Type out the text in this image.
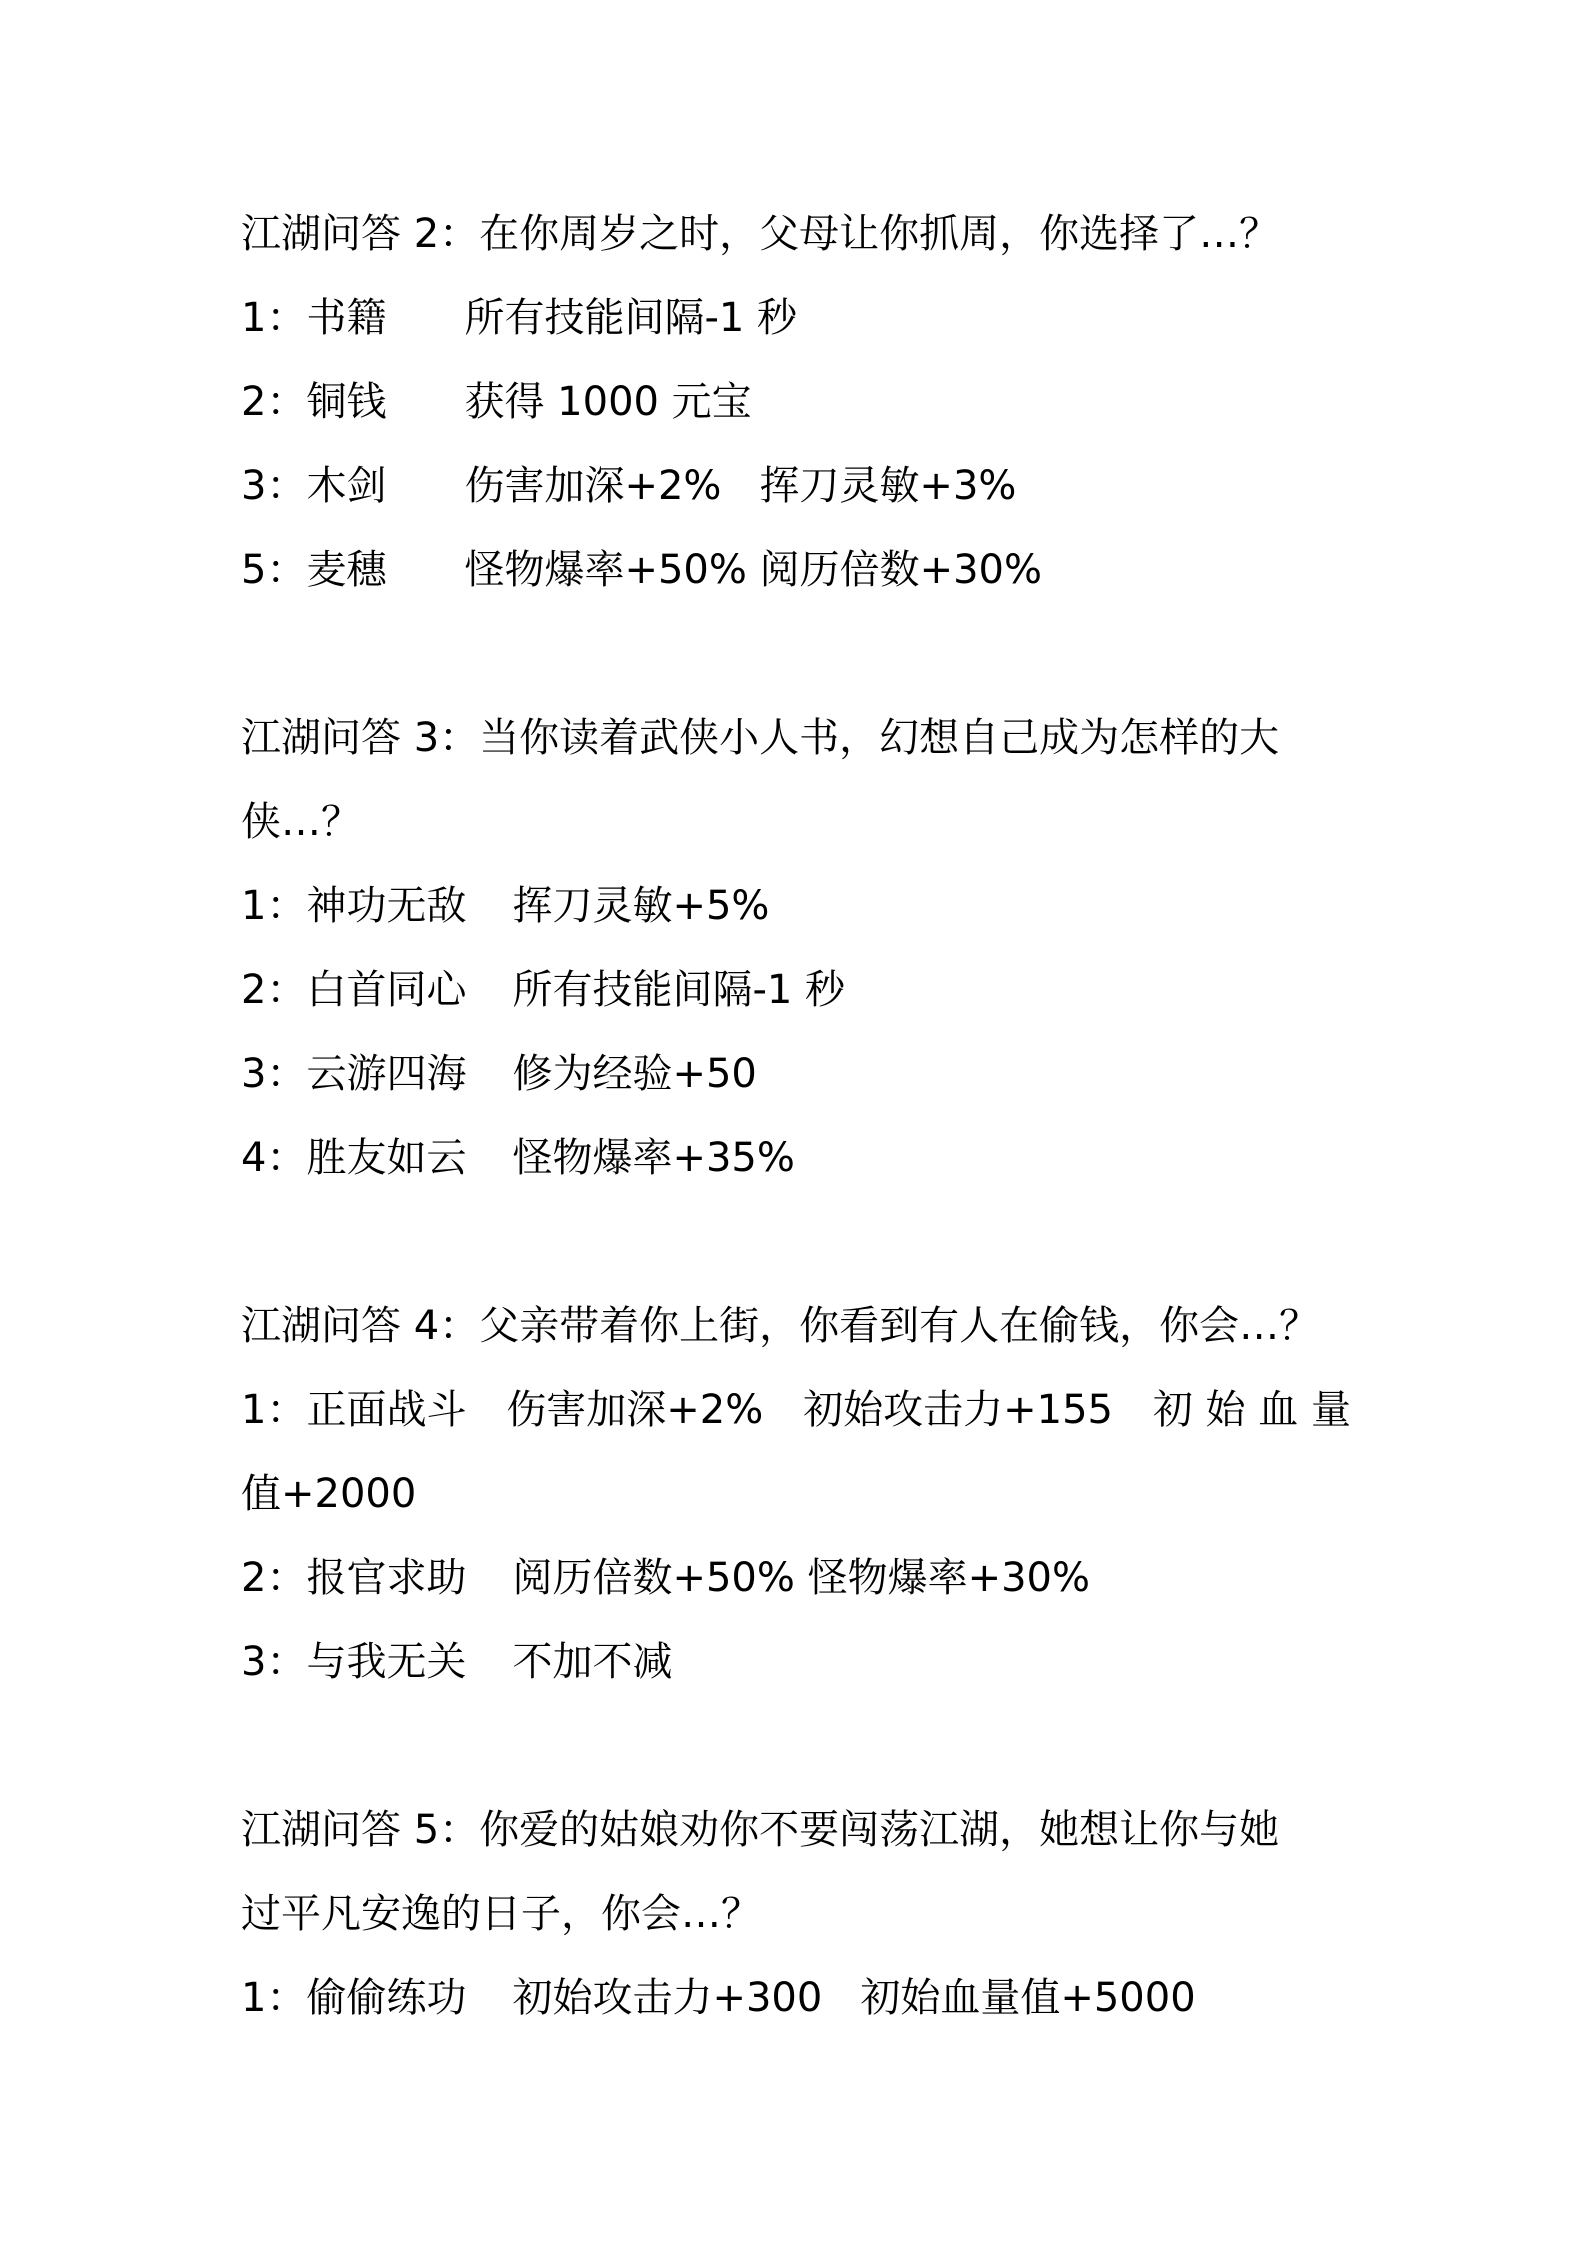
江湖问答 2：在你周岁之时，父母让你抓周，你选择了…？
1：书籍 所有技能间隔-1 秒
2：铜钱 获得 1000 元宝
3：木剑 伤害加深+2% 挥刀灵敏+3%
5：麦穗 怪物爆率+50% 阅历倍数+30%
江湖问答 3：当你读着武侠小人书，幻想自己成为怎样的大
侠…？
1：神功无敌 挥刀灵敏+5%
2：白首同心 所有技能间隔-1 秒
3：云游四海 修为经验+50
4：胜友如云 怪物爆率+35%
江湖问答 4：父亲带着你上街，你看到有人在偷钱，你会…？
1：正面战斗 伤害加深+2% 初始攻击力+155 初 始 血 量
值+2000
2：报官求助 阅历倍数+50% 怪物爆率+30%
3：与我无关 不加不减
江湖问答 5：你爱的姑娘劝你不要闯荡江湖，她想让你与她
过平凡安逸的日子，你会…？
1：偷偷练功 初始攻击力+300 初始血量值+5000
